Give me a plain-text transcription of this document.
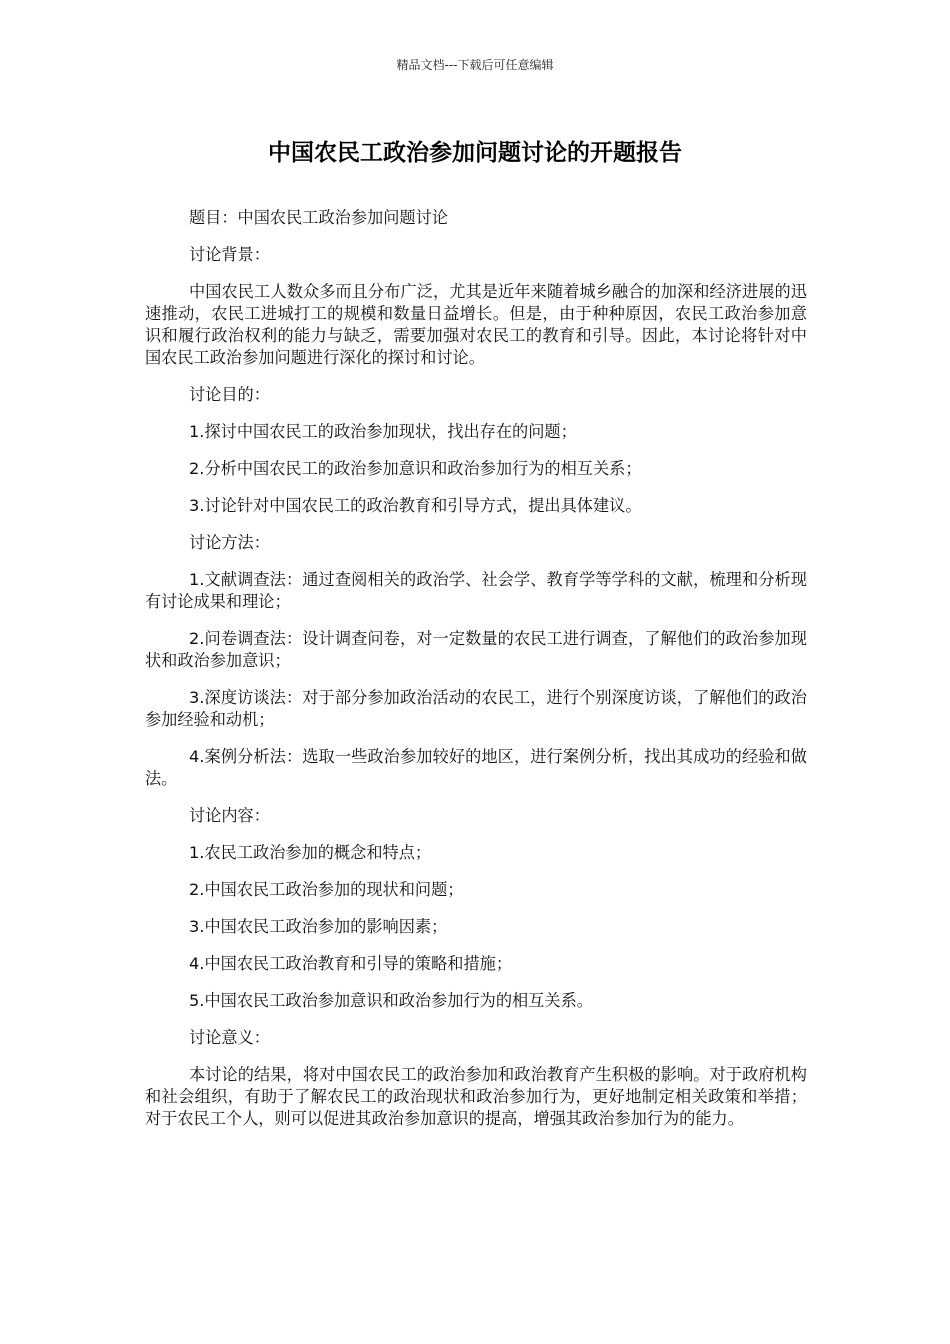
精品文档---下载后可任意编辑
中国农民工政治参加问题讨论的开题报告

题目：中国农民工政治参加问题讨论

讨论背景：

中国农民工人数众多而且分布广泛，尤其是近年来随着城乡融合的加深和经济进展的迅速推动，农民工进城打工的规模和数量日益增长。但是，由于种种原因，农民工政治参加意识和履行政治权利的能力与缺乏，需要加强对农民工的教育和引导。因此，本讨论将针对中国农民工政治参加问题进行深化的探讨和讨论。

讨论目的：

1.探讨中国农民工的政治参加现状，找出存在的问题；

2.分析中国农民工的政治参加意识和政治参加行为的相互关系；

3.讨论针对中国农民工的政治教育和引导方式，提出具体建议。

讨论方法：

1.文献调查法：通过查阅相关的政治学、社会学、教育学等学科的文献，梳理和分析现有讨论成果和理论；

2.问卷调查法：设计调查问卷，对一定数量的农民工进行调查，了解他们的政治参加现状和政治参加意识；

3.深度访谈法：对于部分参加政治活动的农民工，进行个别深度访谈，了解他们的政治参加经验和动机；

4.案例分析法：选取一些政治参加较好的地区，进行案例分析，找出其成功的经验和做法。

讨论内容：

1.农民工政治参加的概念和特点；

2.中国农民工政治参加的现状和问题；

3.中国农民工政治参加的影响因素；

4.中国农民工政治教育和引导的策略和措施；

5.中国农民工政治参加意识和政治参加行为的相互关系。

讨论意义：

本讨论的结果，将对中国农民工的政治参加和政治教育产生积极的影响。对于政府机构和社会组织，有助于了解农民工的政治现状和政治参加行为，更好地制定相关政策和举措；对于农民工个人，则可以促进其政治参加意识的提高，增强其政治参加行为的能力。
